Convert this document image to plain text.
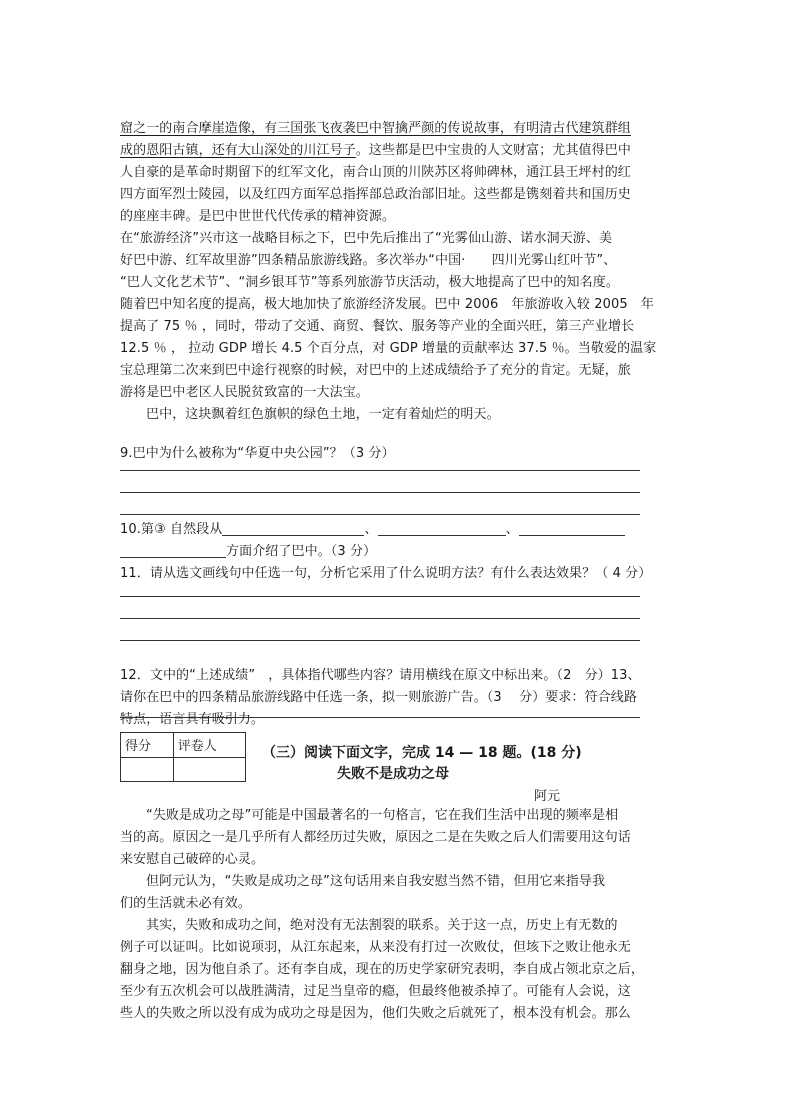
窟之一的南合摩崖造像，有三国张飞夜袭巴中智擒严颜的传说故事，有明清古代建筑群组
成的恩阳古镇，还有大山深处的川江号子。这些都是巴中宝贵的人文财富；尤其值得巴中
人自豪的是革命时期留下的红军文化，南合山顶的川陕苏区将帅碑林，通江县王坪村的红
四方面军烈士陵园，以及红四方面军总指挥部总政治部旧址。这些都是镌刻着共和国历史
的座座丰碑。是巴中世世代代传承的精神资源。
在“旅游经济”兴市这一战略目标之下，巴中先后推出了“光雾仙山游、诺水洞天游、美
好巴中游、红军故里游”四条精品旅游线路。多次举办“中国·　　四川光雾山红叶节”、
“巴人文化艺术节”、“洞乡银耳节”等系列旅游节庆活动，极大地提高了巴中的知名度。
随着巴中知名度的提高，极大地加快了旅游经济发展。巴中 2006　年旅游收入较 2005　年
提高了 75 ％ ，同时，带动了交通、商贸、餐饮、服务等产业的全面兴旺，第三产业增长
12.5 ％ ， 拉动 GDP 增长 4.5 个百分点，对 GDP 增量的贡献率达 37.5 ％。当敬爱的温家
宝总理第二次来到巴中途行视察的时候，对巴中的上述成绩给予了充分的肯定。无疑，旅
游将是巴中老区人民脱贫致富的一大法宝。
巴中，这块飘着红色旗帜的绿色土地，一定有着灿烂的明天。
9.巴中为什么被称为“华夏中央公园”？（3 分）
10.第③ 自然段从	、	、
方面介绍了巴中。（3 分）
11．请从选文画线句中任选一句，分析它采用了什么说明方法？有什么表达效果？（ 4 分）
12．文中的“上述成绩”　，具体指代哪些内容？请用横线在原文中标出来。（2　分）13、
请你在巴中的四条精品旅游线路中任选一条，拟一则旅游广告。（3　 分）要求：符合线路
特点，语言具有吸引力。
得分	评卷人
		（三）阅读下面文字，完成 14 — 18 题。(18 分)
失败不是成功之母
阿元
“失败是成功之母”可能是中国最著名的一句格言，它在我们生活中出现的频率是相
当的高。原因之一是几乎所有人都经历过失败，原因之二是在失败之后人们需要用这句话
来安慰自己破碎的心灵。
但阿元认为，“失败是成功之母”这句话用来自我安慰当然不错，但用它来指导我
们的生活就未必有效。
其实，失败和成功之间，绝对没有无法割裂的联系。关于这一点，历史上有无数的
例子可以证叫。比如说项羽，从江东起来，从来没有打过一次败仗，但垓下之败让他永无
翻身之地，因为他自杀了。还有李自成，现在的历史学家研究表明，李自成占领北京之后，
至少有五次机会可以战胜满清，过足当皇帝的瘾，但最终他被杀掉了。可能有人会说，这
些人的失败之所以没有成为成功之母是因为，他们失败之后就死了，根本没有机会。那么
